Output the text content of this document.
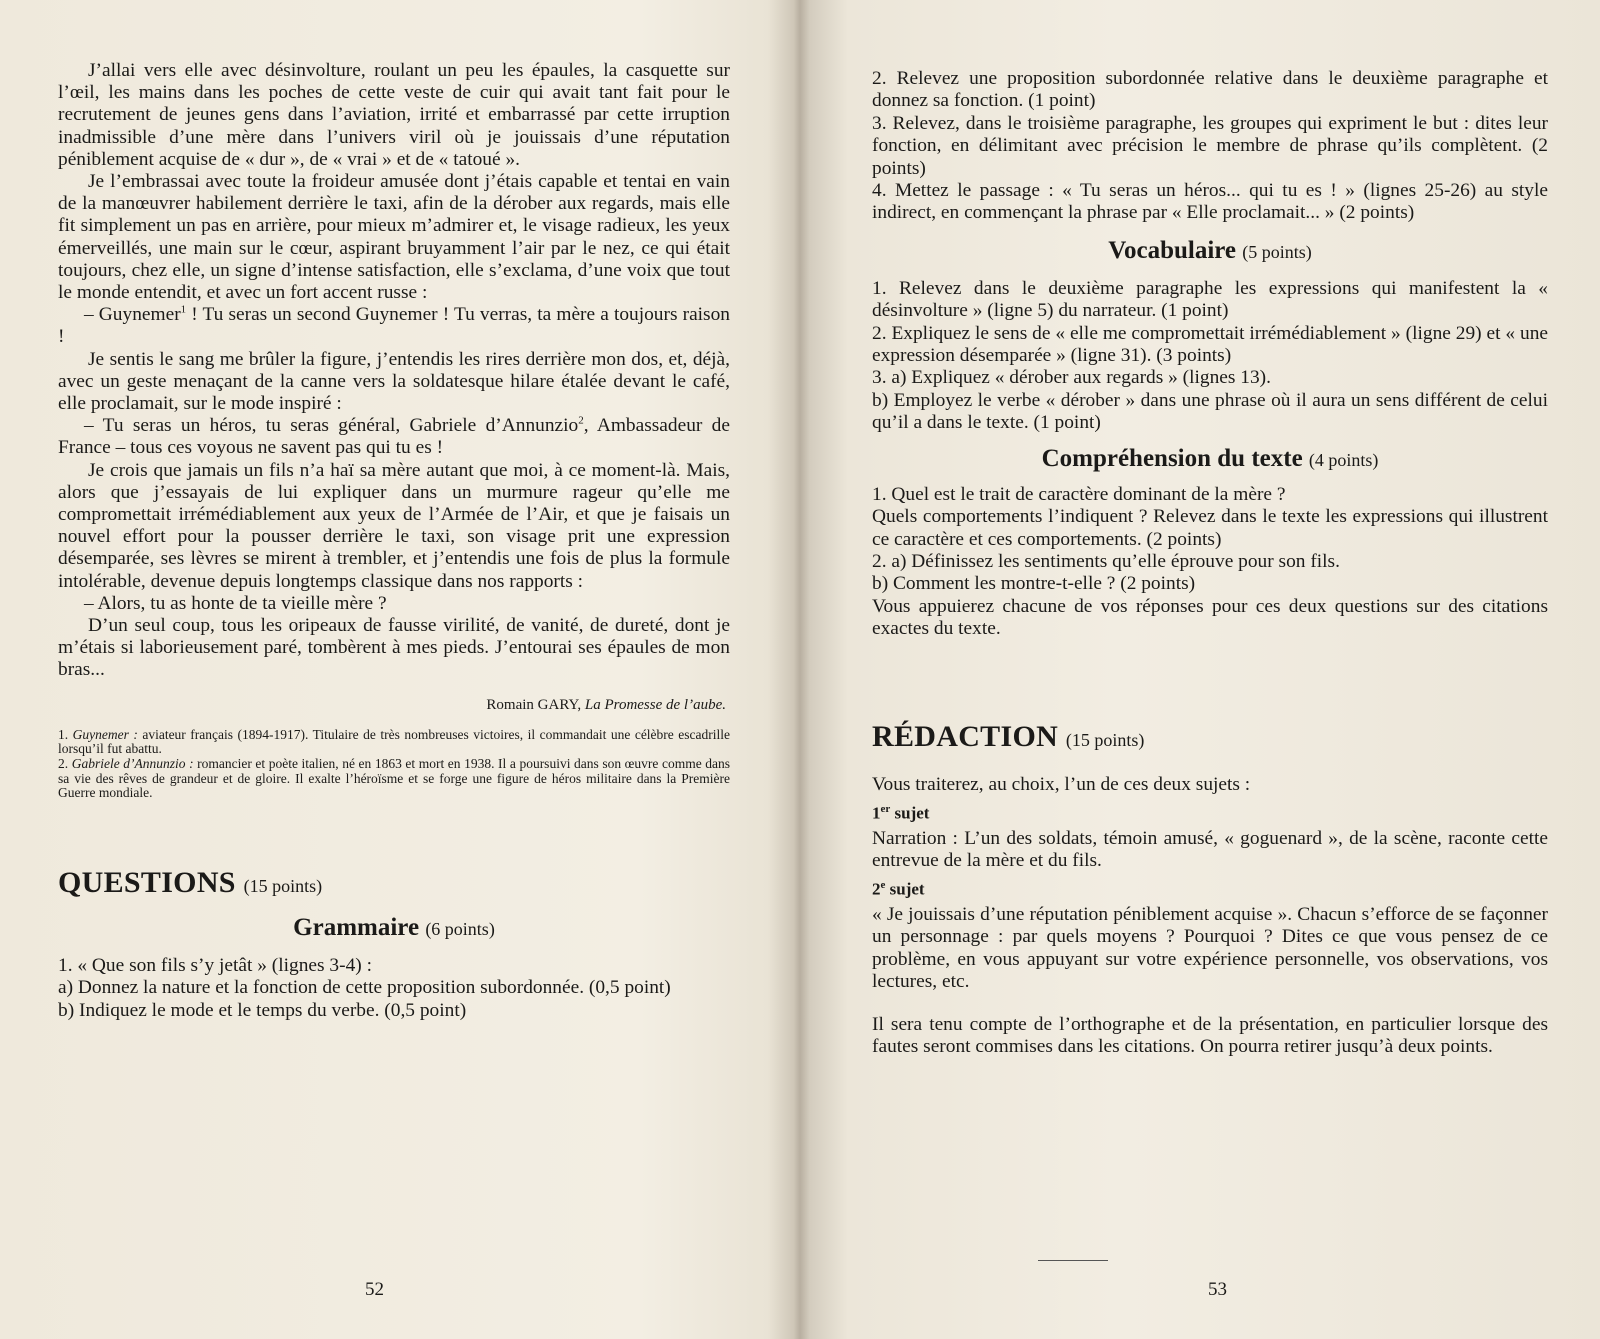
J’allai vers elle avec désinvolture, roulant un peu les épaules, la casquette sur l’œil, les mains dans les poches de cette veste de cuir qui avait tant fait pour le recrutement de jeunes gens dans l’aviation, irrité et embarrassé par cette irruption inadmissible d’une mère dans l’univers viril où je jouissais d’une réputation péniblement acquise de « dur », de « vrai » et de « tatoué ».

Je l’embrassai avec toute la froideur amusée dont j’étais capable et tentai en vain de la manœuvrer habilement derrière le taxi, afin de la dérober aux regards, mais elle fit simplement un pas en arrière, pour mieux m’admirer et, le visage radieux, les yeux émerveillés, une main sur le cœur, aspirant bruyamment l’air par le nez, ce qui était toujours, chez elle, un signe d’intense satisfaction, elle s’exclama, d’une voix que tout le monde entendit, et avec un fort accent russe :

– Guynemer$^1$ ! Tu seras un second Guynemer ! Tu verras, ta mère a toujours raison !

Je sentis le sang me brûler la figure, j’entendis les rires derrière mon dos, et, déjà, avec un geste menaçant de la canne vers la soldatesque hilare étalée devant le café, elle proclamait, sur le mode inspiré :

– Tu seras un héros, tu seras général, Gabriele d’Annunzio$^2$, Ambassadeur de France – tous ces voyous ne savent pas qui tu es !

Je crois que jamais un fils n’a haï sa mère autant que moi, à ce moment-là. Mais, alors que j’essayais de lui expliquer dans un murmure rageur qu’elle me compromettait irrémédiablement aux yeux de l’Armée de l’Air, et que je faisais un nouvel effort pour la pousser derrière le taxi, son visage prit une expression désemparée, ses lèvres se mirent à trembler, et j’entendis une fois de plus la formule intolérable, devenue depuis longtemps classique dans nos rapports :

– Alors, tu as honte de ta vieille mère ?

D’un seul coup, tous les oripeaux de fausse virilité, de vanité, de dureté, dont je m’étais si laborieusement paré, tombèrent à mes pieds. J’entourai ses épaules de mon bras...

Romain GARY, La Promesse de l’aube.

1. Guynemer : aviateur français (1894-1917). Titulaire de très nombreuses victoires, il commandait une célèbre escadrille lorsqu’il fut abattu.

2. Gabriele d’Annunzio : romancier et poète italien, né en 1863 et mort en 1938. Il a poursuivi dans son œuvre comme dans sa vie des rêves de grandeur et de gloire. Il exalte l’héroïsme et se forge une figure de héros militaire dans la Première Guerre mondiale.

QUESTIONS (15 points)
Grammaire (6 points)

1. « Que son fils s’y jetât » (lignes 3-4) :

a) Donnez la nature et la fonction de cette proposition subordonnée. (0,5 point)

b) Indiquez le mode et le temps du verbe. (0,5 point)

52

2. Relevez une proposition subordonnée relative dans le deuxième paragraphe et donnez sa fonction. (1 point)

3. Relevez, dans le troisième paragraphe, les groupes qui expriment le but : dites leur fonction, en délimitant avec précision le membre de phrase qu’ils complètent. (2 points)

4. Mettez le passage : « Tu seras un héros... qui tu es ! » (lignes 25-26) au style indirect, en commençant la phrase par « Elle proclamait... » (2 points)

Vocabulaire (5 points)

1. Relevez dans le deuxième paragraphe les expressions qui manifestent la « désinvolture » (ligne 5) du narrateur. (1 point)

2. Expliquez le sens de « elle me compromettait irrémédiablement » (ligne 29) et « une expression désemparée » (ligne 31). (3 points)

3. a) Expliquez « dérober aux regards » (lignes 13).

b) Employez le verbe « dérober » dans une phrase où il aura un sens différent de celui qu’il a dans le texte. (1 point)

Compréhension du texte (4 points)

1. Quel est le trait de caractère dominant de la mère ?

Quels comportements l’indiquent ? Relevez dans le texte les expressions qui illustrent ce caractère et ces comportements. (2 points)

2. a) Définissez les sentiments qu’elle éprouve pour son fils.

b) Comment les montre-t-elle ? (2 points)

Vous appuierez chacune de vos réponses pour ces deux questions sur des citations exactes du texte.

RÉDACTION (15 points)

Vous traiterez, au choix, l’un de ces deux sujets :

1er sujet

Narration : L’un des soldats, témoin amusé, « goguenard », de la scène, raconte cette entrevue de la mère et du fils.

2e sujet

« Je jouissais d’une réputation péniblement acquise ». Chacun s’efforce de se façonner un personnage : par quels moyens ? Pourquoi ? Dites ce que vous pensez de ce problème, en vous appuyant sur votre expérience personnelle, vos observations, vos lectures, etc.

Il sera tenu compte de l’orthographe et de la présentation, en particulier lorsque des fautes seront commises dans les citations. On pourra retirer jusqu’à deux points.

53
